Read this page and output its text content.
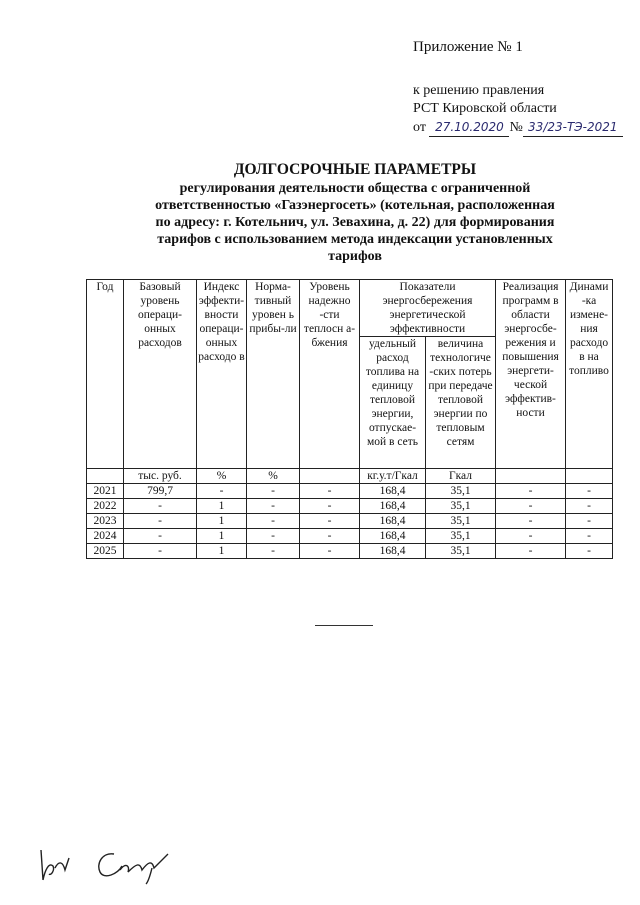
Приложение № 1
к решению правления
РСТ Кировской области
от 27.10.2020 № 33/23-ТЭ-2021
ДОЛГОСРОЧНЫЕ ПАРАМЕТРЫ
регулирования деятельности общества с ограниченной
ответственностью «Газэнергосеть» (котельная, расположенная
по адресу: г. Котельнич, ул. Зевахина, д. 22) для формирования
тарифов с использованием метода индексации установленных
тарифов
Год	Базовый уровень операци-онных расходов	Индекс эффекти-вности операци-онных расходо в	Норма-тивный уровен ь прибы-ли	Уровень надежно -сти теплосн а-бжения	Показатели энергосбережения энергетической эффективности		Реализация программ в области энергосбе-режения и повышения энергети-ческой эффектив-ности	Динами -ка измене-ния расходо в на топливо
					удельный расход топлива на единицу тепловой энергии, отпускае-мой в сеть	величина технологиче -ских потерь при передаче тепловой энергии по тепловым сетям		
	тыс. руб.	%	%		кг.у.т/Гкал	Гкал		
2021	799,7	-	-	-	168,4	35,1	-	-
2022	-	1	-	-	168,4	35,1	-	-
2023	-	1	-	-	168,4	35,1	-	-
2024	-	1	-	-	168,4	35,1	-	-
2025	-	1	-	-	168,4	35,1	-	-
